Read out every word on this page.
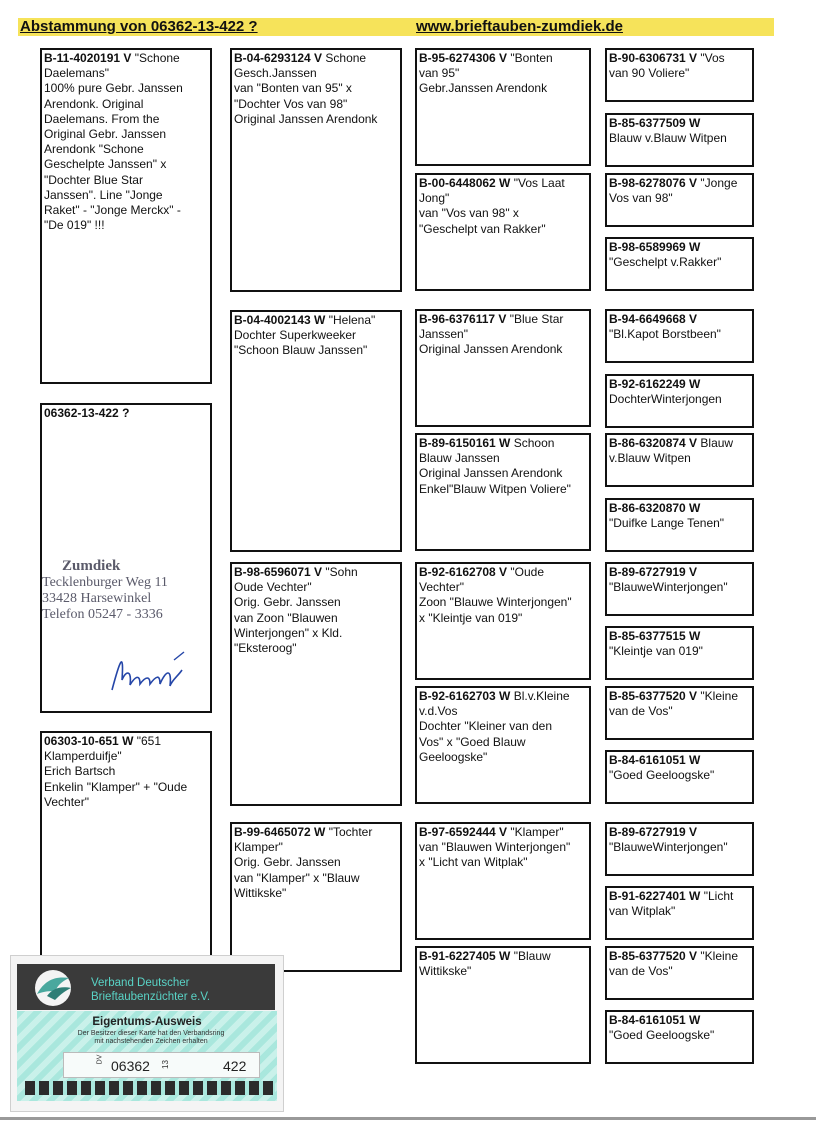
Abstammung von 06362-13-422 ?	www.brieftauben-zumdiek.de
B-11-4020191 V "Schone Daelemans"
100% pure Gebr. Janssen
Arendonk. Original
Daelemans. From the
Original Gebr. Janssen
Arendonk "Schone
Geschelpte Janssen" x
"Dochter Blue Star
Janssen". Line "Jonge
Raket" - "Jonge Merckx" -
"De 019" !!!
06362-13-422 ?
Zumdiek
Tecklenburger Weg 11
33428 Harsewinkel
Telefon 05247 - 3336
06303-10-651 W "651
Klamperduifje"
Erich Bartsch
Enkelin "Klamper" + "Oude
Vechter"
B-04-6293124 V Schone
Gesch.Janssen
van "Bonten van 95" x
"Dochter Vos van 98"
Original Janssen Arendonk
B-04-4002143 W "Helena"
Dochter Superkweeker
"Schoon Blauw Janssen"
B-98-6596071 V "Sohn
Oude Vechter"
Orig. Gebr. Janssen
van Zoon "Blauwen
Winterjongen" x Kld.
"Eksteroog"
B-99-6465072 W "Tochter
Klamper"
Orig. Gebr. Janssen
van "Klamper" x "Blauw
Wittikske"
B-95-6274306 V "Bonten
van 95"
Gebr.Janssen Arendonk
B-00-6448062 W "Vos Laat
Jong"
van "Vos van 98" x
"Geschelpt van Rakker"
B-96-6376117 V "Blue Star
Janssen"
Original Janssen Arendonk
B-89-6150161 W Schoon
Blauw Janssen
Original Janssen Arendonk
Enkel"Blauw Witpen Voliere"
B-92-6162708 V "Oude
Vechter"
Zoon "Blauwe Winterjongen"
x "Kleintje van 019"
B-92-6162703 W Bl.v.Kleine
v.d.Vos
Dochter "Kleiner van den
Vos" x "Goed Blauw
Geeloogske"
B-97-6592444 V "Klamper"
van "Blauwen Winterjongen"
x "Licht van Witplak"
B-91-6227405 W "Blauw
Wittikske"
B-90-6306731 V "Vos
van 90 Voliere"
B-85-6377509 W
Blauw v.Blauw Witpen
B-98-6278076 V "Jonge
Vos van 98"
B-98-6589969 W
"Geschelpt v.Rakker"
B-94-6649668 V
"Bl.Kapot Borstbeen"
B-92-6162249 W
DochterWinterjongen
B-86-6320874 V Blauw
v.Blauw Witpen
B-86-6320870 W
"Duifke Lange Tenen"
B-89-6727919 V
"BlauweWinterjongen"
B-85-6377515 W
"Kleintje van 019"
B-85-6377520 V "Kleine
van de Vos"
B-84-6161051 W
"Goed Geeloogske"
B-89-6727919 V
"BlauweWinterjongen"
B-91-6227401 W "Licht
van Witplak"
B-85-6377520 V "Kleine
van de Vos"
B-84-6161051 W
"Goed Geeloogske"
Verband Deutscher
Brieftaubenzüchter e.V.
Eigentums-Ausweis
Der Besitzer dieser Karte hat den Verbandsring
mit nachstehenden Zeichen erhalten
DV 06362 13	422
